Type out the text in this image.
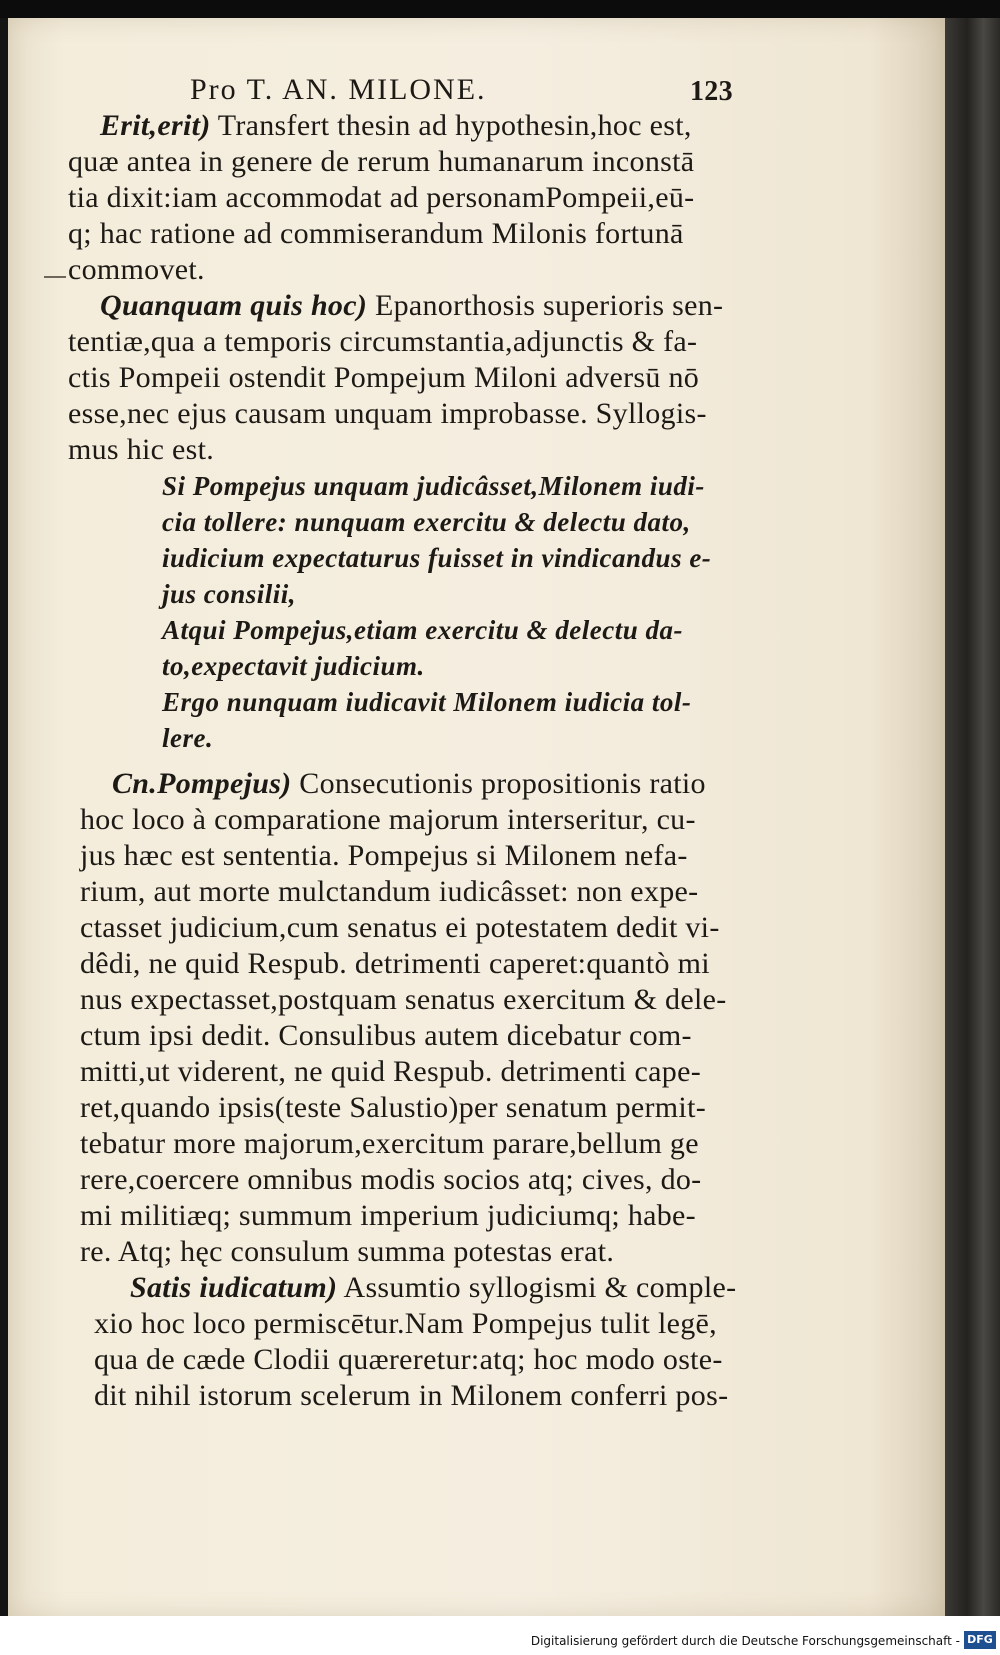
Pro T. AN. MILONE.	123
Erit,erit) Transfert thesin ad hypothesin,hoc est,
quæ antea in genere de rerum humanarum inconstā
tia dixit:iam accommodat ad personamPompeii,eū-
q; hac ratione ad commiserandum Milonis fortunā
commovet.
Quanquam quis hoc) Epanorthosis superioris sen-
tentiæ,qua a temporis circumstantia,adjunctis & fa-
ctis Pompeii ostendit Pompejum Miloni adversū nō
esse,nec ejus causam unquam improbasse. Syllogis-
mus hic est.
Si Pompejus unquam judicâsset,Milonem iudi-
cia tollere: nunquam exercitu & delectu dato,
iudicium expectaturus fuisset in vindicandus e-
jus consilii,
Atqui Pompejus,etiam exercitu & delectu da-
to,expectavit judicium.
Ergo nunquam iudicavit Milonem iudicia tol-
lere.
Cn.Pompejus) Consecutionis propositionis ratio
hoc loco à comparatione majorum interseritur, cu-
jus hæc est sententia. Pompejus si Milonem nefa-
rium, aut morte mulctandum iudicâsset: non expe-
ctasset judicium,cum senatus ei potestatem dedit vi-
dêdi, ne quid Respub. detrimenti caperet:quantò mi
nus expectasset,postquam senatus exercitum & dele-
ctum ipsi dedit. Consulibus autem dicebatur com-
mitti,ut viderent, ne quid Respub. detrimenti cape-
ret,quando ipsis(teste Salustio)per senatum permit-
tebatur more majorum,exercitum parare,bellum ge
rere,coercere omnibus modis socios atq; cives, do-
mi militiæq; summum imperium judiciumq; habe-
re. Atq; hęc consulum summa potestas erat.
Satis iudicatum) Assumtio syllogismi & comple-
xio hoc loco permiscētur.Nam Pompejus tulit legē,
qua de cæde Clodii quæreretur:atq; hoc modo oste-
dit nihil istorum scelerum in Milonem conferri pos-
Digitalisierung gefördert durch die Deutsche Forschungsgemeinschaft - DFG
